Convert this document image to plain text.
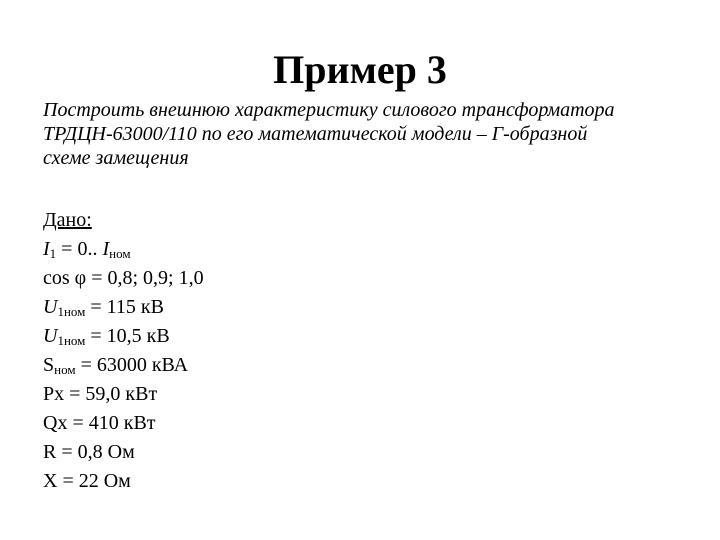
Пример 3
Построить внешнюю характеристику силового трансформатора
ТРДЦН-63000/110 по его математической модели – Г-образной
схеме замещения
Дано:
$I_1 = 0$.. $I_{ном}$
cos φ = 0,8; 0,9; 1,0
$U_{1ном} = 115$ кВ
$U_{1ном} = 10,5$ кВ
$S_{ном} = 63000$ кВА
Px = 59,0 кВт
Qx = 410 кВт
R = 0,8 Ом
X = 22 Ом
